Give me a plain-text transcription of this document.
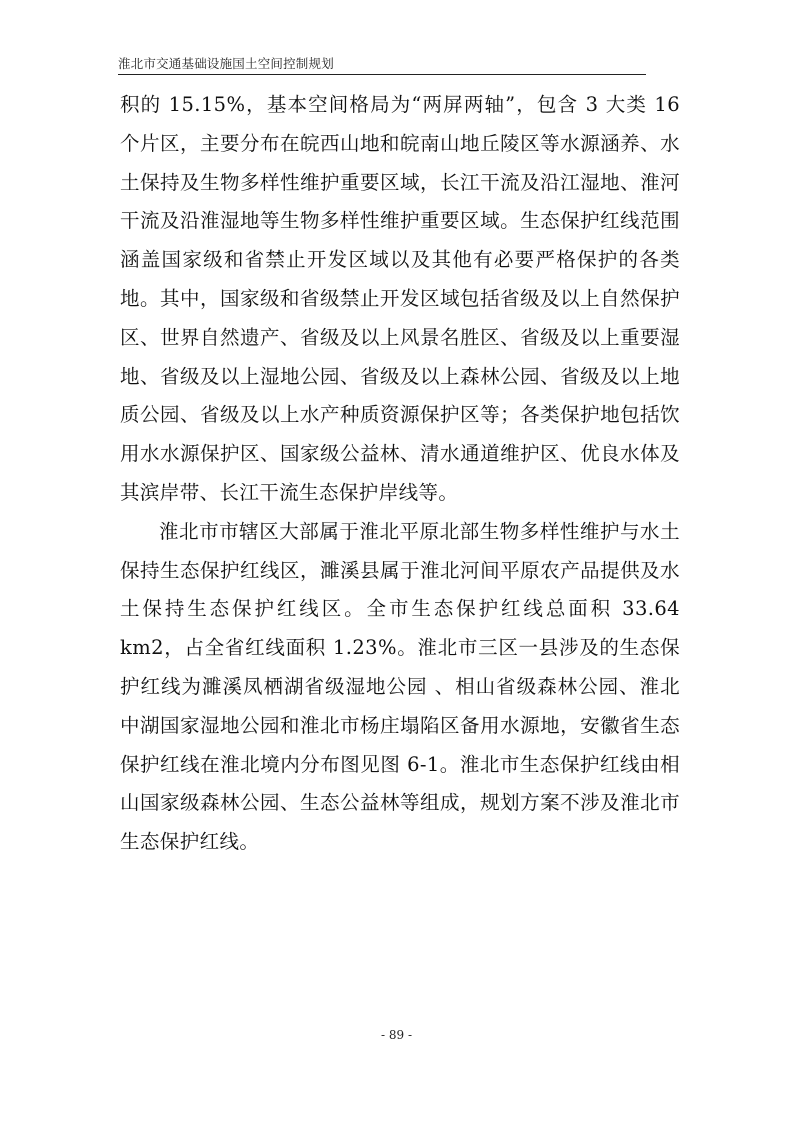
淮北市交通基础设施国土空间控制规划

积的 15.15%，基本空间格局为“两屏两轴”，包含 3 大类 16 个片区，主要分布在皖西山地和皖南山地丘陵区等水源涵养、水土保持及生物多样性维护重要区域，长江干流及沿江湿地、淮河干流及沿淮湿地等生物多样性维护重要区域。生态保护红线范围涵盖国家级和省禁止开发区域以及其他有必要严格保护的各类地。其中，国家级和省级禁止开发区域包括省级及以上自然保护区、世界自然遗产、省级及以上风景名胜区、省级及以上重要湿地、省级及以上湿地公园、省级及以上森林公园、省级及以上地质公园、省级及以上水产种质资源保护区等；各类保护地包括饮用水水源保护区、国家级公益林、清水通道维护区、优良水体及其滨岸带、长江干流生态保护岸线等。

淮北市市辖区大部属于淮北平原北部生物多样性维护与水土保持生态保护红线区，濉溪县属于淮北河间平原农产品提供及水土保持生态保护红线区。全市生态保护红线总面积 33.64 km2，占全省红线面积 1.23%。淮北市三区一县涉及的生态保护红线为濉溪凤栖湖省级湿地公园 、相山省级森林公园、淮北中湖国家湿地公园和淮北市杨庄塌陷区备用水源地，安徽省生态保护红线在淮北境内分布图见图 6-1。淮北市生态保护红线由相山国家级森林公园、生态公益林等组成，规划方案不涉及淮北市生态保护红线。

- 89 -
